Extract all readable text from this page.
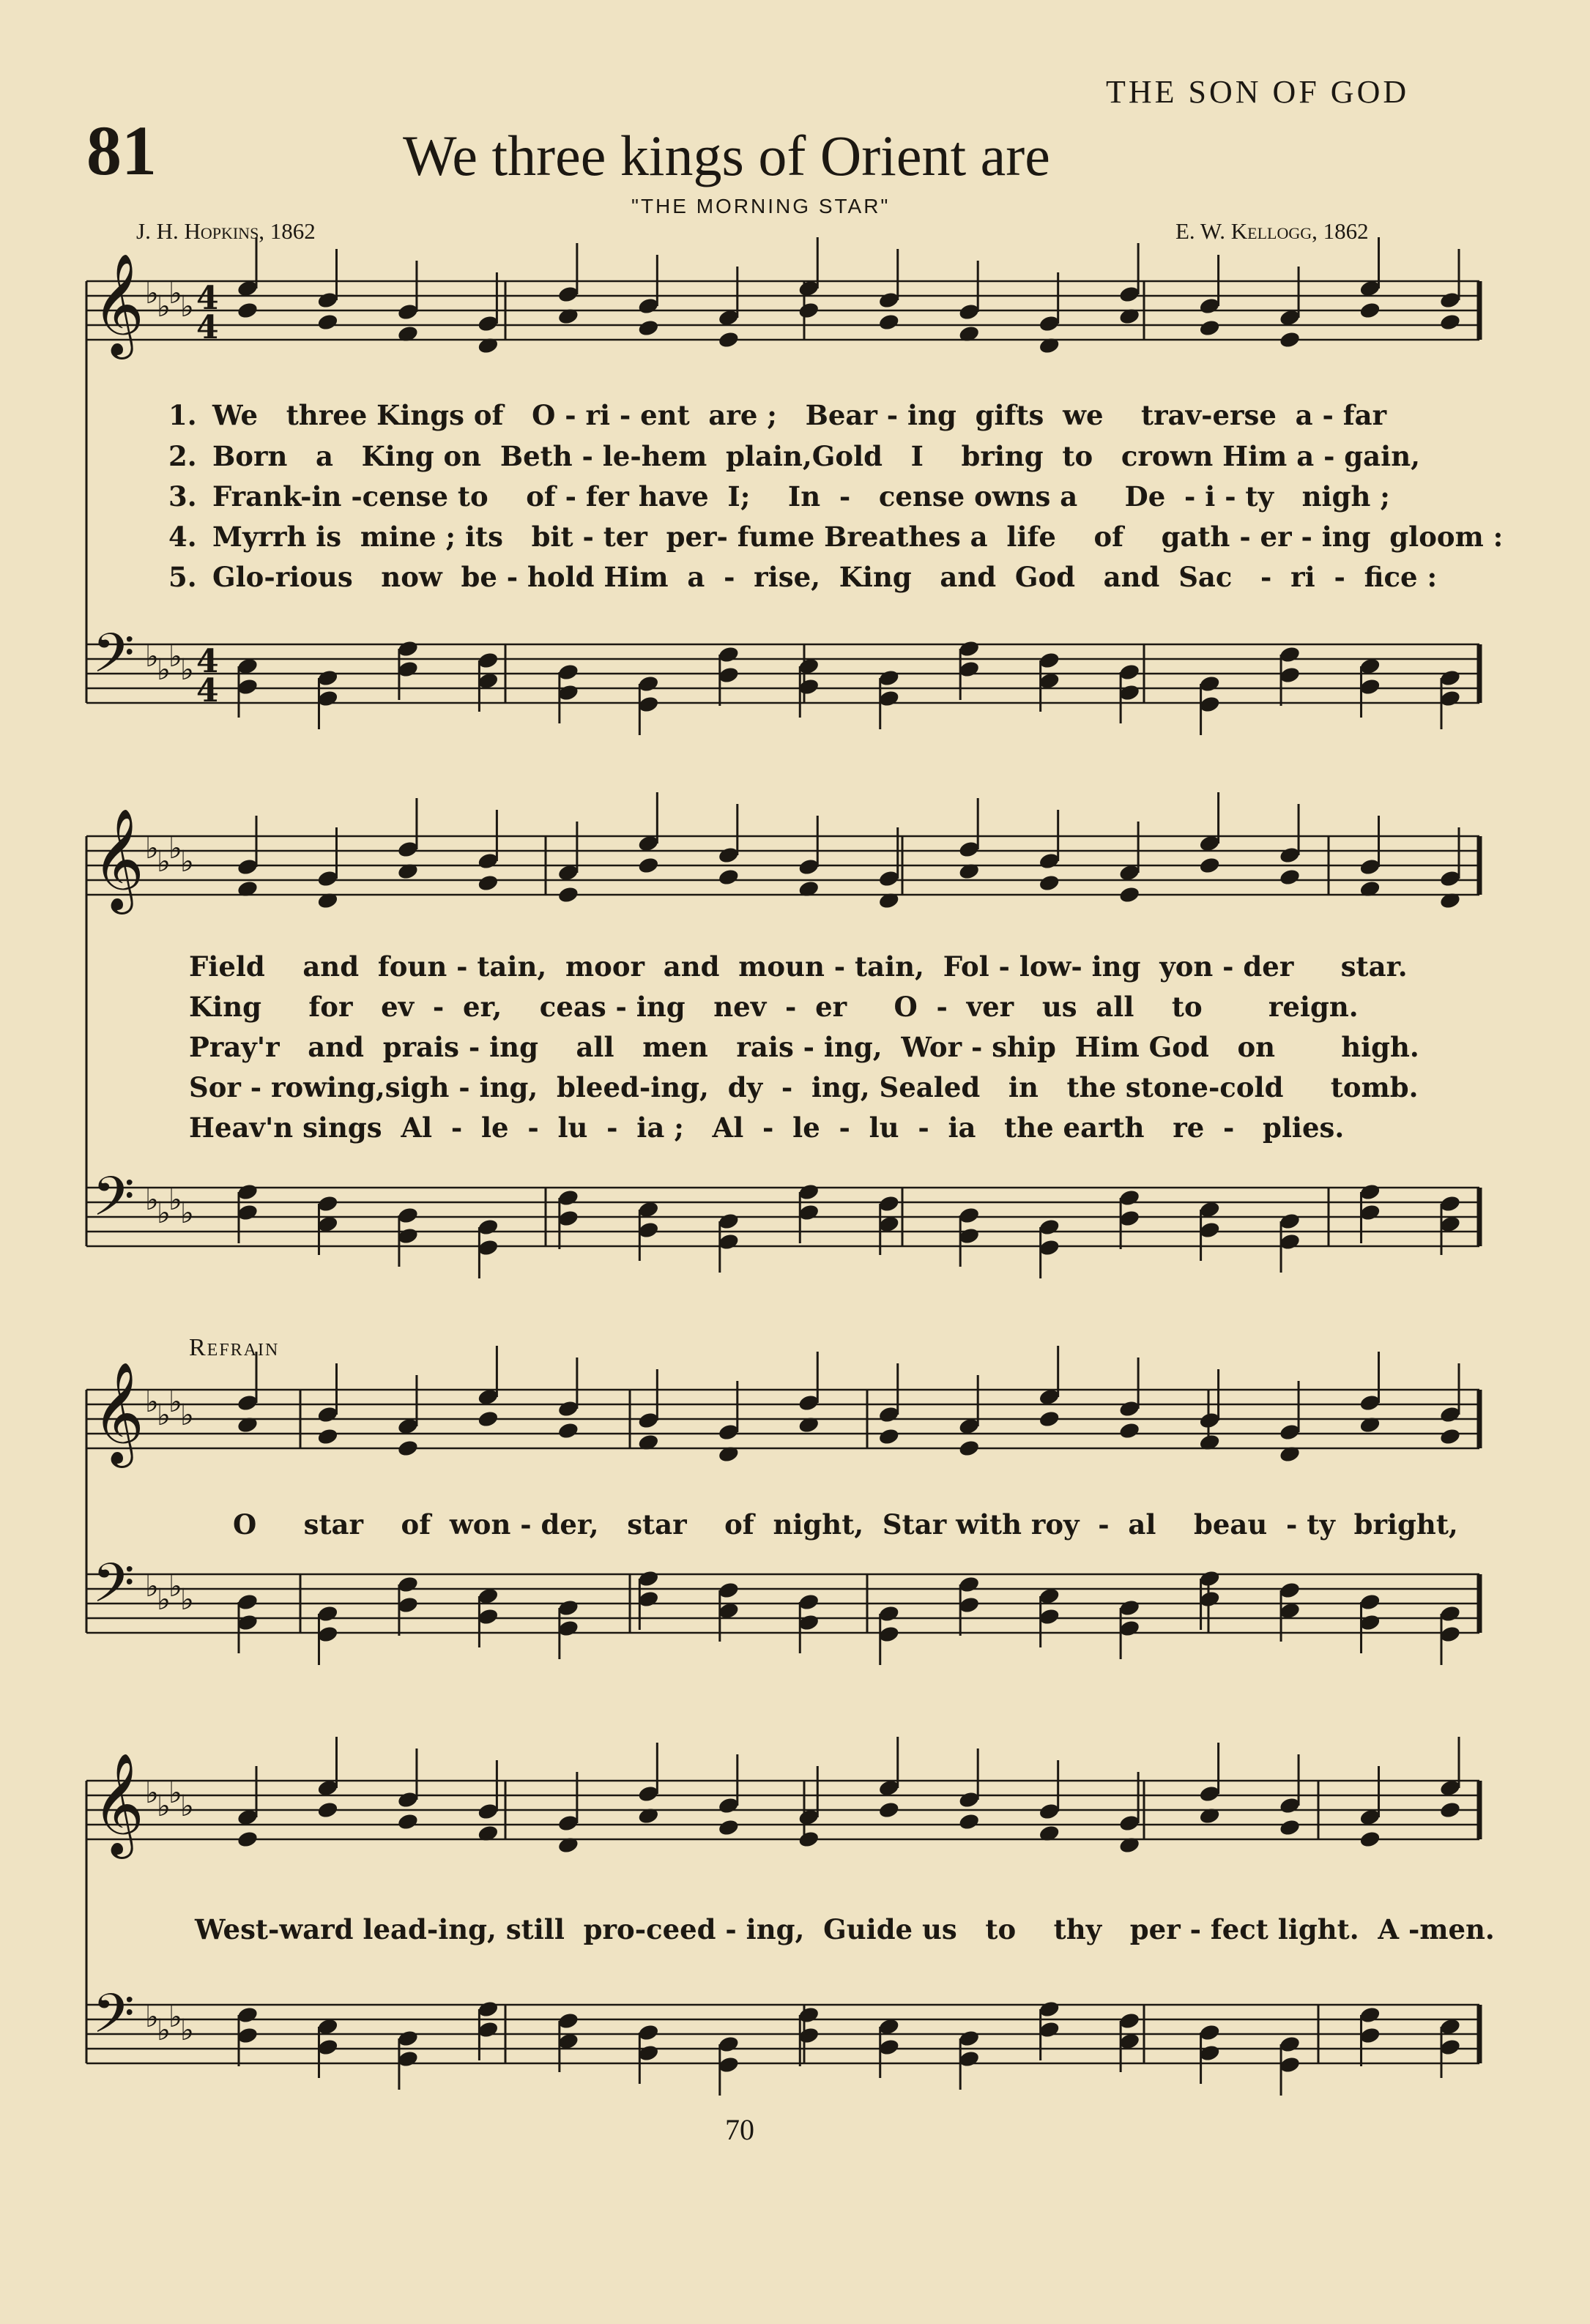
THE SON OF GOD
81	We three kings of Orient are
"THE MORNING STAR"
J. H. Hopkins, 1862	E. W. Kellogg, 1862
𝄞 ♭
♭
♭
♭ 4
4
𝄢 ♭
♭
♭
♭ 4
4
𝄞 ♭
♭
♭
♭
𝄢 ♭
♭
♭
♭
𝄞 ♭
♭
♭
♭
𝄢 ♭
♭
♭
♭
𝄞 ♭
♭
♭
♭
𝄢 ♭
♭
♭
♭
1. We   three Kings of   O - ri - ent  are ;   Bear - ing  gifts  we    trav-erse  a - far
2. Born   a   King on  Beth - le-hem  plain,Gold   I    bring  to   crown Him a - gain,
3. Frank-in -cense to    of - fer have  I;    In  -   cense owns a     De  - i - ty   nigh ;
4. Myrrh is  mine ; its   bit - ter  per- fume Breathes a  life    of    gath - er - ing  gloom :
5. Glo-rious   now  be - hold Him  a  -  rise,  King   and  God   and  Sac   -  ri  -  fice :
Field    and  foun - tain,  moor  and  moun - tain,  Fol - low- ing  yon - der     star.
King     for   ev  -  er,    ceas - ing   nev  -  er     O  -  ver   us  all    to       reign.
Pray'r   and  prais - ing    all   men   rais - ing,  Wor - ship  Him God   on       high.
Sor - rowing,sigh - ing,  bleed-ing,  dy  -  ing, Sealed   in   the stone-cold     tomb.
Heav'n sings  Al  -  le  -  lu  -  ia ;   Al  -  le  -  lu  -  ia   the earth   re  -   plies.
Refrain
O     star    of  won - der,   star    of  night,  Star with roy  -  al    beau  - ty  bright,
West-ward lead-ing, still  pro-ceed - ing,  Guide us   to    thy   per - fect light.  A -men.
70
